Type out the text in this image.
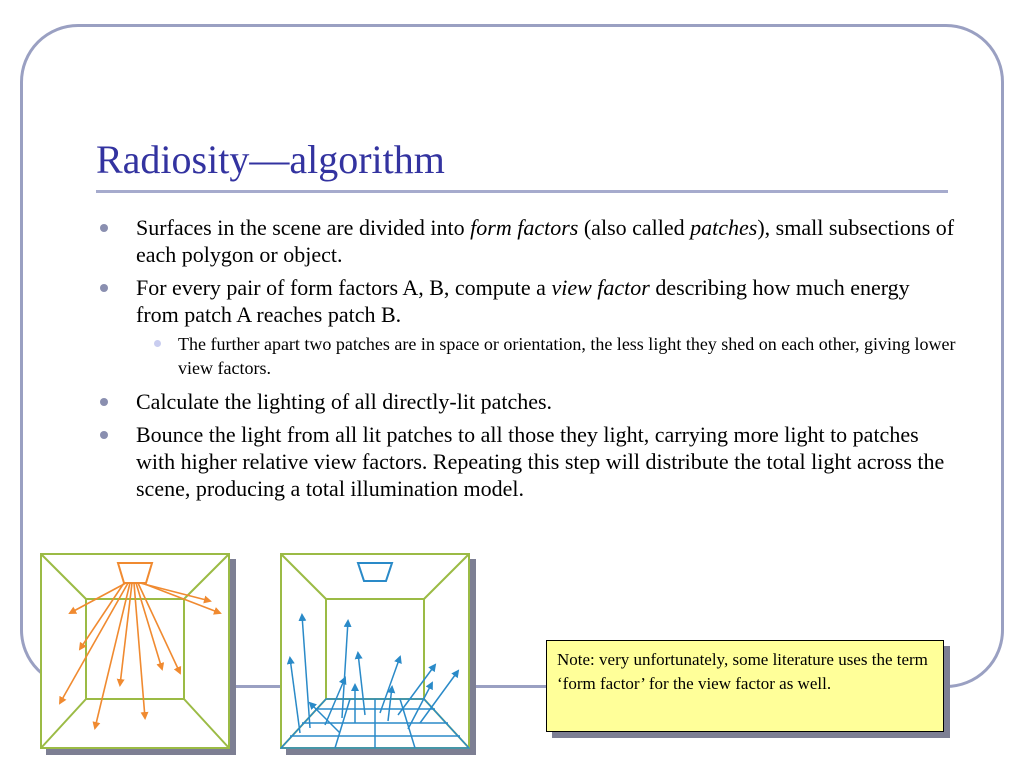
Radiosity—algorithm
Surfaces in the scene are divided into form factors (also called patches), small subsections of each polygon or object.
For every pair of form factors A, B, compute a view factor describing how much energy from patch A reaches patch B.
The further apart two patches are in space or orientation, the less light they shed on each other, giving lower view factors.
Calculate the lighting of all directly-lit patches.
Bounce the light from all lit patches to all those they light, carrying more light to patches with higher relative view factors. Repeating this step will distribute the total light across the scene, producing a total illumination model.
Note: very unfortunately, some literature uses the term ‘form factor’ for the view factor as well.
